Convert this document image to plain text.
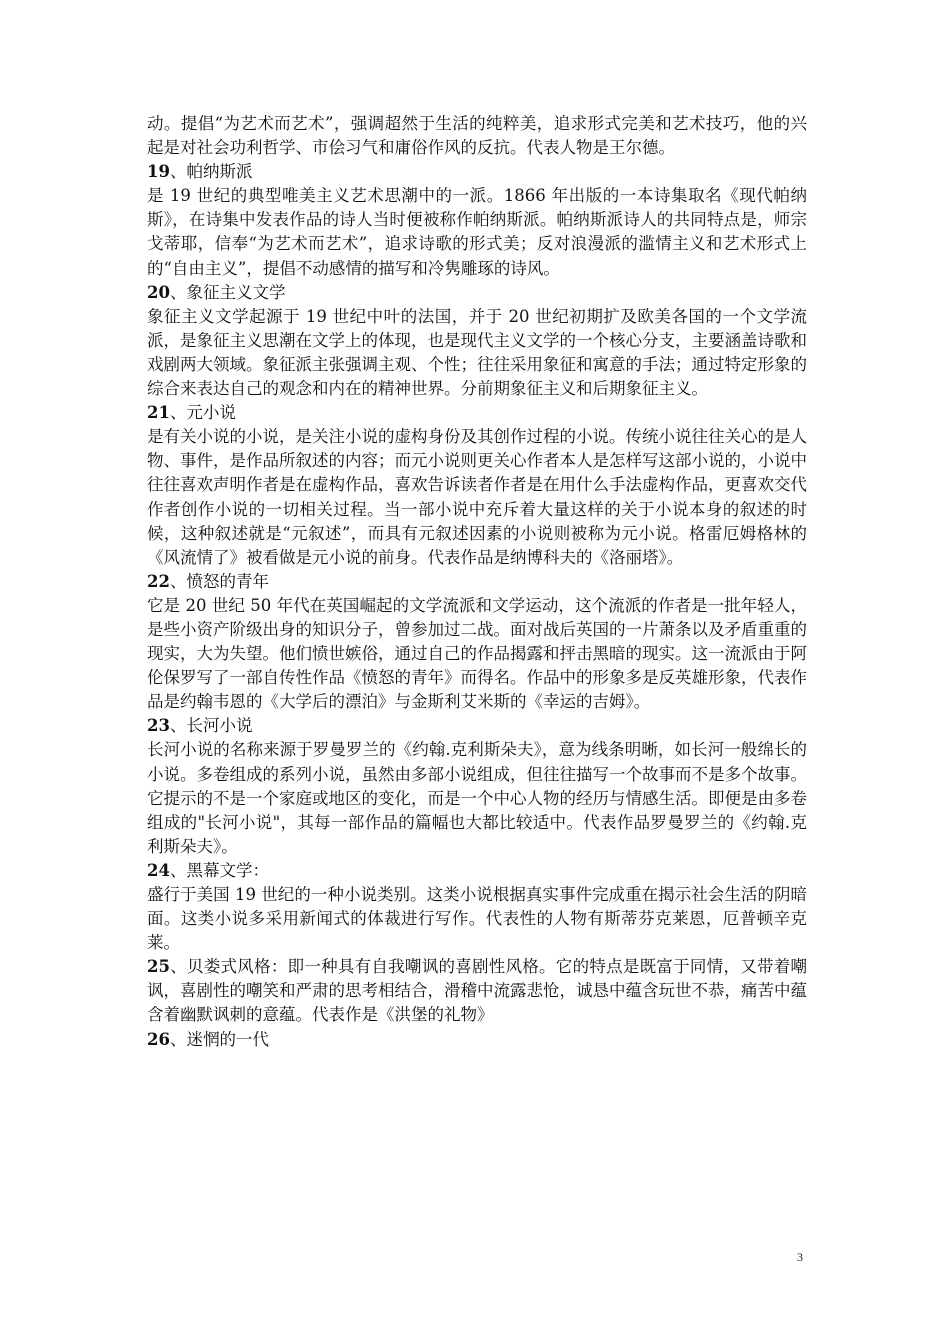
动。提倡“为艺术而艺术”，强调超然于生活的纯粹美，追求形式完美和艺术技巧，他的兴起是对社会功利哲学、市侩习气和庸俗作风的反抗。代表人物是王尔德。

19、帕纳斯派

是 19 世纪的典型唯美主义艺术思潮中的一派。1866 年出版的一本诗集取名《现代帕纳斯》，在诗集中发表作品的诗人当时便被称作帕纳斯派。帕纳斯派诗人的共同特点是，师宗戈蒂耶，信奉“为艺术而艺术”，追求诗歌的形式美；反对浪漫派的滥情主义和艺术形式上的“自由主义”，提倡不动感情的描写和冷隽雕琢的诗风。

20、象征主义文学

象征主义文学起源于 19 世纪中叶的法国，并于 20 世纪初期扩及欧美各国的一个文学流派，是象征主义思潮在文学上的体现，也是现代主义文学的一个核心分支，主要涵盖诗歌和戏剧两大领域。象征派主张强调主观、个性；往往采用象征和寓意的手法；通过特定形象的综合来表达自己的观念和内在的精神世界。分前期象征主义和后期象征主义。

21、元小说

是有关小说的小说，是关注小说的虚构身份及其创作过程的小说。传统小说往往关心的是人物、事件，是作品所叙述的内容；而元小说则更关心作者本人是怎样写这部小说的，小说中往往喜欢声明作者是在虚构作品，喜欢告诉读者作者是在用什么手法虚构作品，更喜欢交代作者创作小说的一切相关过程。当一部小说中充斥着大量这样的关于小说本身的叙述的时候，这种叙述就是“元叙述”，而具有元叙述因素的小说则被称为元小说。格雷厄姆格林的《风流情了》被看做是元小说的前身。代表作品是纳博科夫的《洛丽塔》。

22、愤怒的青年

它是 20 世纪 50 年代在英国崛起的文学流派和文学运动，这个流派的作者是一批年轻人，是些小资产阶级出身的知识分子，曾参加过二战。面对战后英国的一片萧条以及矛盾重重的现实，大为失望。他们愤世嫉俗，通过自己的作品揭露和抨击黑暗的现实。这一流派由于阿伦保罗写了一部自传性作品《愤怒的青年》而得名。作品中的形象多是反英雄形象，代表作品是约翰韦恩的《大学后的漂泊》与金斯利艾米斯的《幸运的吉姆》。

23、长河小说

长河小说的名称来源于罗曼罗兰的《约翰.克利斯朵夫》，意为线条明晰，如长河一般绵长的小说。多卷组成的系列小说，虽然由多部小说组成，但往往描写一个故事而不是多个故事。它提示的不是一个家庭或地区的变化，而是一个中心人物的经历与情感生活。即便是由多卷组成的"长河小说"，其每一部作品的篇幅也大都比较适中。代表作品罗曼罗兰的《约翰.克利斯朵夫》。

24、黑幕文学：

盛行于美国 19 世纪的一种小说类别。这类小说根据真实事件完成重在揭示社会生活的阴暗面。这类小说多采用新闻式的体裁进行写作。代表性的人物有斯蒂芬克莱恩，厄普顿辛克莱。

25、贝娄式风格：即一种具有自我嘲讽的喜剧性风格。它的特点是既富于同情，又带着嘲讽，喜剧性的嘲笑和严肃的思考相结合，滑稽中流露悲怆，诚恳中蕴含玩世不恭，痛苦中蕴含着幽默讽刺的意蕴。代表作是《洪堡的礼物》

26、迷惘的一代

3
